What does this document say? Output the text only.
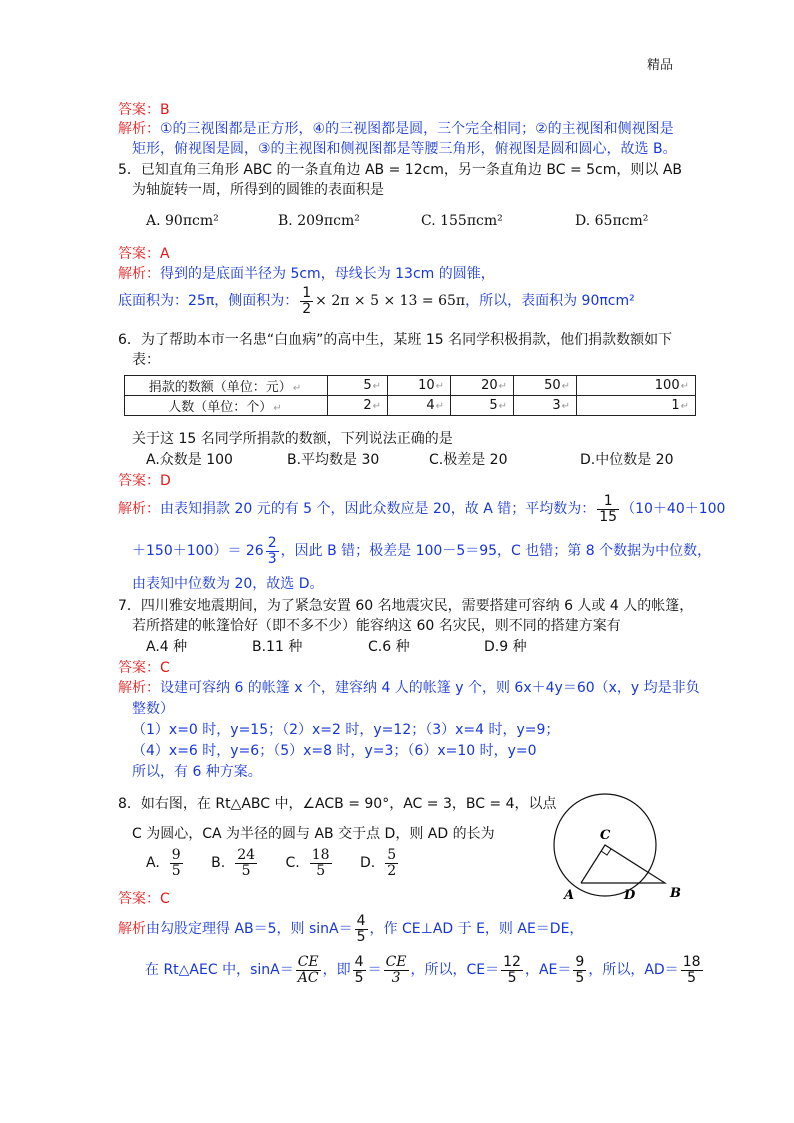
精品
答案：B
解析：①的三视图都是正方形，④的三视图都是圆，三个完全相同；②的主视图和侧视图是
矩形，俯视图是圆，③的主视图和侧视图都是等腰三角形，俯视图是圆和圆心，故选 B。
5．已知直角三角形 ABC 的一条直角边 AB = 12cm，另一条直角边 BC = 5cm，则以 AB
为轴旋转一周，所得到的圆锥的表面积是
A. 90πcm²	B. 209πcm²	C. 155πcm²	D. 65πcm²
答案：A
解析：得到的是底面半径为 5cm，母线长为 13cm 的圆锥，
底面积为：25π，侧面积为： $\frac{1}{2} \times 2\pi \times 5 \times 13 = 65\pi$，所以，表面积为 90πcm²
6．为了帮助本市一名患“白血病”的高中生，某班 15 名同学积极捐款，他们捐款数额如下
表：
捐款的数额（单位：元）↵	5↵	10↵	20↵	50↵	100↵
人数（单位：个）↵	2↵	4↵	5↵	3↵	1↵
关于这 15 名同学所捐款的数额，下列说法正确的是
A.众数是 100	B.平均数是 30	C.极差是 20	D.中位数是 20
答案：D
解析：由表知捐款 20 元的有 5 个，因此众数应是 20，故 A 错；平均数为： $\frac{1}{15} (10+40+100$
$+150+100)= 26 \frac{2}{3}$ ，因此 B 错；极差是 100－5＝95，C 也错；第 8 个数据为中位数，
由表知中位数为 20，故选 D。
7．四川雅安地震期间，为了紧急安置 60 名地震灾民，需要搭建可容纳 6 人或 4 人的帐篷，
若所搭建的帐篷恰好（即不多不少）能容纳这 60 名灾民，则不同的搭建方案有
A.4 种	B.11 种	C.6 种	D.9 种
答案：C
解析：设建可容纳 6 的帐篷 x 个，建容纳 4 人的帐篷 y 个，则 6x＋4y＝60（x，y 均是非负
整数）
（1）x=0 时，y=15；（2）x=2 时，y=12；（3）x=4 时，y=9；
（4）x=6 时，y=6；（5）x=8 时，y=3；（6）x=10 时，y=0
所以，有 6 种方案。
8．如右图，在 Rt△ABC 中，∠ACB = 90°，AC = 3，BC = 4，以点
C 为圆心，CA 为半径的圆与 AB 交于点 D，则 AD 的长为
A. $\frac{9}{5} B$. $\frac{24}{5} C$. $\frac{18}{5} D$. $\frac{5}{2}$
C
A	D	B
答案：C
解析由勾股定理得 AB＝5，则 $\sin A= \frac{4}{5}$ ，作 CE⊥AD 于 E，则 AE＝DE，
在 Rt△AEC 中，$\sin A= \frac{CE}{AC}$ ，即 $\frac{4}{5} = \frac{CE}{3}$ ，所以，$CE= \frac{12}{5}$ ，$AE= \frac{9}{5}$ ，所以，$AD= \frac{18}{5}$
